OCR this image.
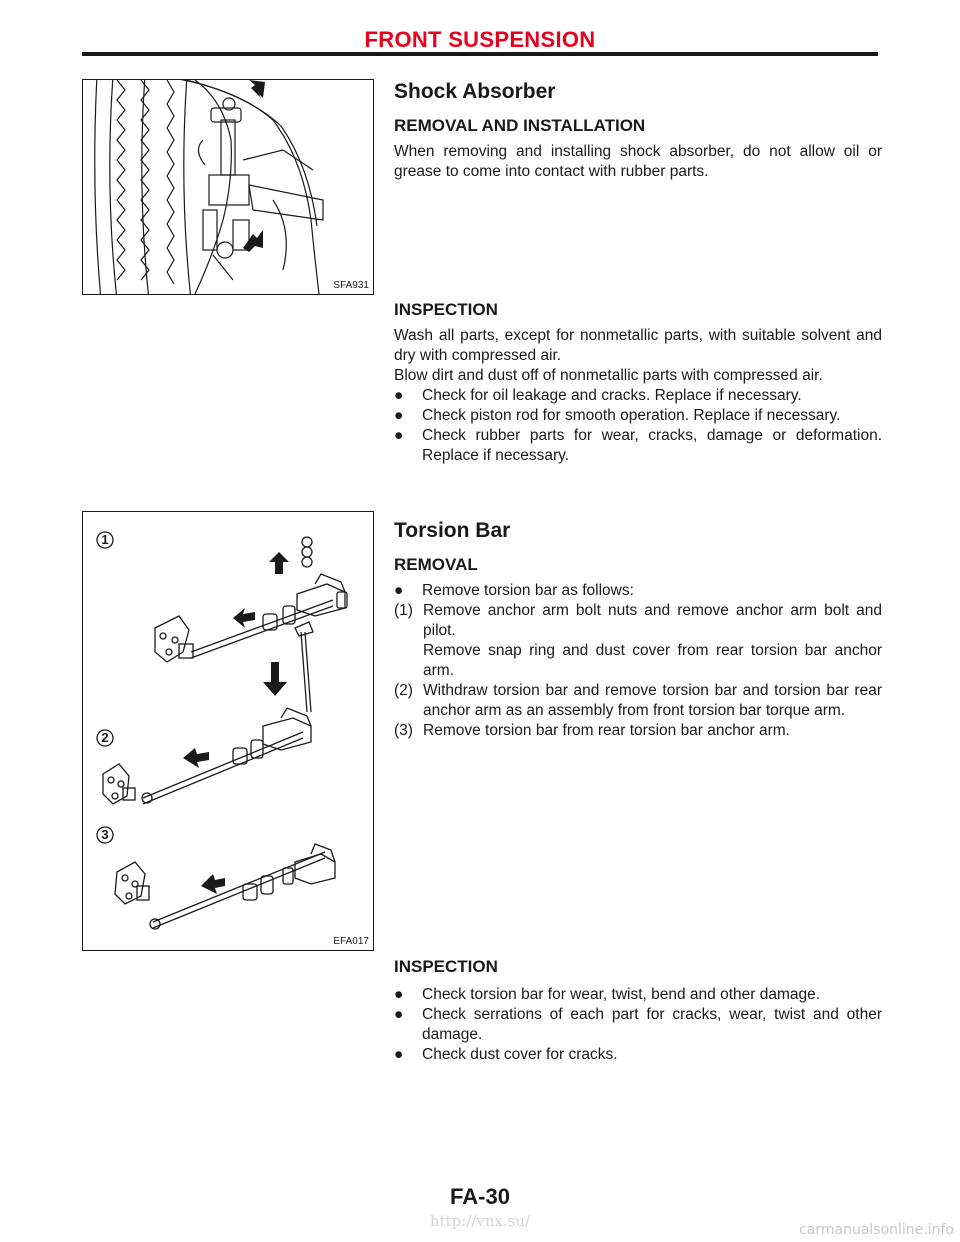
FRONT SUSPENSION
SFA931
Shock Absorber
REMOVAL AND INSTALLATION
When removing and installing shock absorber, do not allow oil or grease to come into contact with rubber parts.
INSPECTION
Wash all parts, except for nonmetallic parts, with suitable solvent and dry with compressed air.
Blow dirt and dust off of nonmetallic parts with compressed air.
● Check for oil leakage and cracks. Replace if necessary.
● Check piston rod for smooth operation. Replace if necessary.
● Check rubber parts for wear, cracks, damage or deformation. Replace if necessary.
1
2
3
EFA017
Torsion Bar
REMOVAL
● Remove torsion bar as follows:
(1) Remove anchor arm bolt nuts and remove anchor arm bolt and pilot.
Remove snap ring and dust cover from rear torsion bar anchor arm.
(2) Withdraw torsion bar and remove torsion bar and torsion bar rear anchor arm as an assembly from front torsion bar torque arm.
(3) Remove torsion bar from rear torsion bar anchor arm.
INSPECTION
● Check torsion bar for wear, twist, bend and other damage.
● Check serrations of each part for cracks, wear, twist and other damage.
● Check dust cover for cracks.
FA-30
http://vnx.su/	carmanualsonline.info
